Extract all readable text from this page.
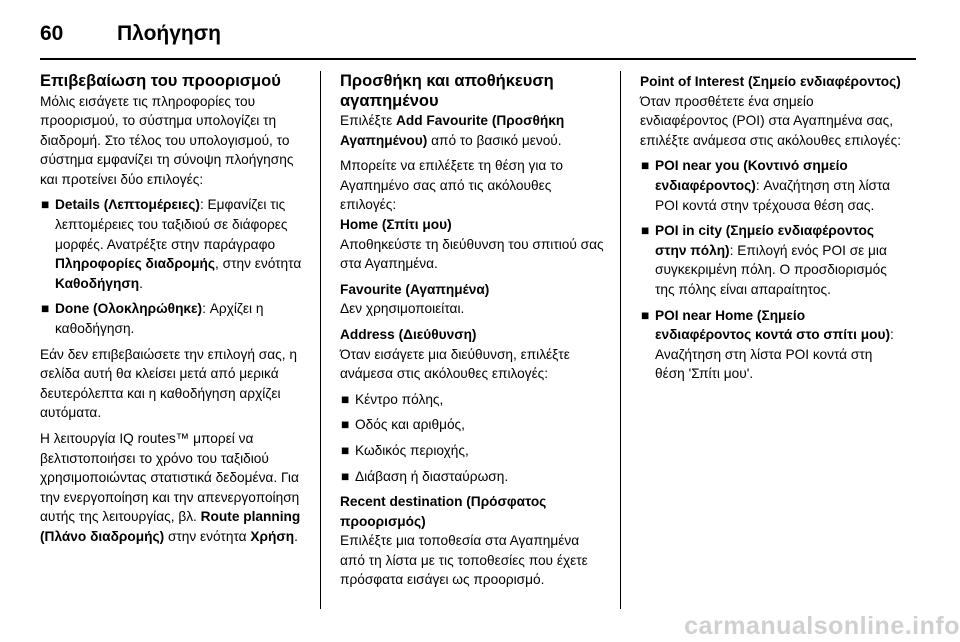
60	Πλοήγηση
Επιβεβαίωση του προορισμού

Μόλις εισάγετε τις πληροφορίες του προορισμού, το σύστημα υπολογίζει τη διαδρομή. Στο τέλος του υπολογισμού, το σύστημα εμφανίζει τη σύνοψη πλοήγησης και προτείνει δύο επιλογές:

■ Details (Λεπτομέρειες): Εμφανίζει τις λεπτομέρειες του ταξιδιού σε διάφορες μορφές. Ανατρέξτε στην παράγραφο Πληροφορίες διαδρομής, στην ενότητα Καθοδήγηση.
■ Done (Ολοκληρώθηκε): Αρχίζει η καθοδήγηση.

Εάν δεν επιβεβαιώσετε την επιλογή σας, η σελίδα αυτή θα κλείσει μετά από μερικά δευτερόλεπτα και η καθοδήγηση αρχίζει αυτόματα.

Η λειτουργία IQ routes™ μπορεί να βελτιστοποιήσει το χρόνο του ταξιδιού χρησιμοποιώντας στατιστικά δεδομένα. Για την ενεργοποίηση και την απενεργοποίηση αυτής της λειτουργίας, βλ. Route planning (Πλάνο διαδρομής) στην ενότητα Χρήση.

Προσθήκη και αποθήκευση αγαπημένου

Επιλέξτε Add Favourite (Προσθήκη Αγαπημένου) από το βασικό μενού.

Μπορείτε να επιλέξετε τη θέση για το Αγαπημένο σας από τις ακόλουθες επιλογές:

Home (Σπίτι μου)

Αποθηκεύστε τη διεύθυνση του σπιτιού σας στα Αγαπημένα.

Favourite (Αγαπημένα)

Δεν χρησιμοποιείται.

Address (Διεύθυνση)

Όταν εισάγετε μια διεύθυνση, επιλέξτε ανάμεσα στις ακόλουθες επιλογές:

■ Κέντρο πόλης,
■ Οδός και αριθμός,
■ Κωδικός περιοχής,
■ Διάβαση ή διασταύρωση.

Recent destination (Πρόσφατος προορισμός)

Επιλέξτε μια τοποθεσία στα Αγαπημένα από τη λίστα με τις τοποθεσίες που έχετε πρόσφατα εισάγει ως προορισμό.

Point of Interest (Σημείο ενδιαφέροντος)

Όταν προσθέτετε ένα σημείο ενδιαφέροντος (POI) στα Αγαπημένα σας, επιλέξτε ανάμεσα στις ακόλουθες επιλογές:

■ POI near you (Κοντινό σημείο ενδιαφέροντος): Αναζήτηση στη λίστα POI κοντά στην τρέχουσα θέση σας.
■ POI in city (Σημείο ενδιαφέροντος στην πόλη): Επιλογή ενός POI σε μια συγκεκριμένη πόλη. Ο προσδιορισμός της πόλης είναι απαραίτητος.
■ POI near Home (Σημείο ενδιαφέροντος κοντά στο σπίτι μου): Αναζήτηση στη λίστα POI κοντά στη θέση 'Σπίτι μου'.
carmanualsonline.info
